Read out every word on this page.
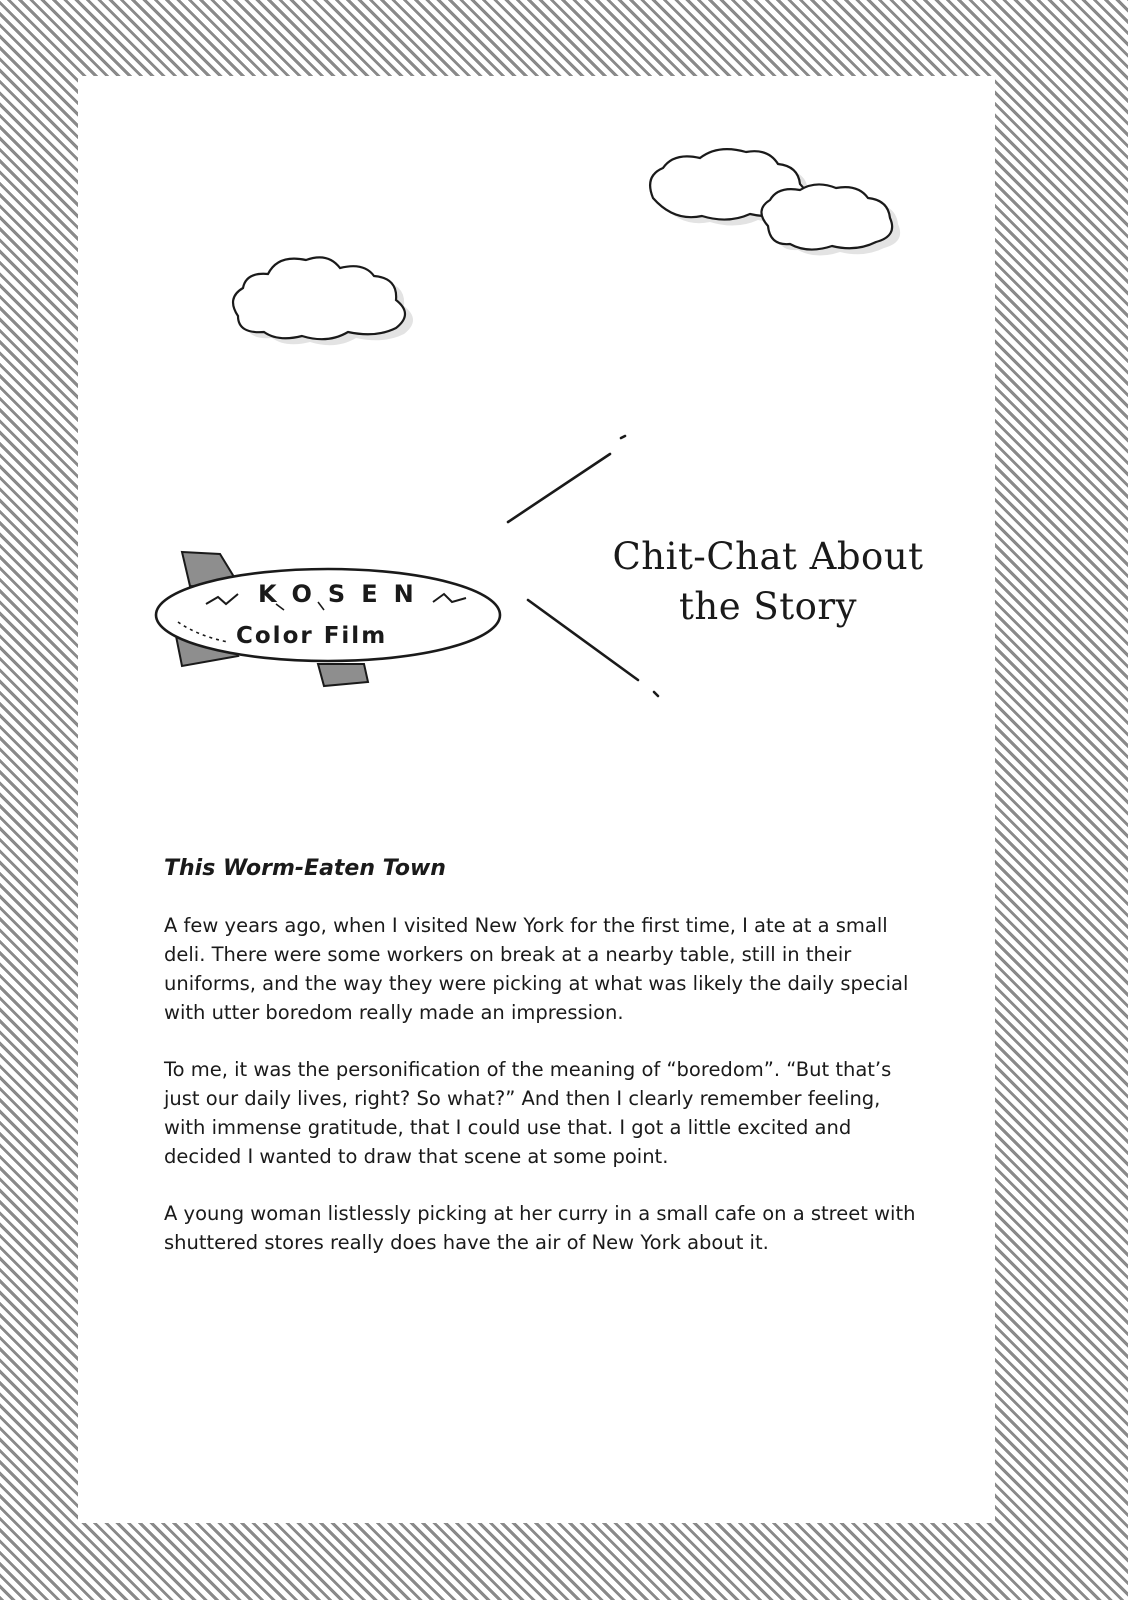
KOSEN
Color Film
Chit-Chat About
the Story
This Worm-Eaten Town

A few years ago, when I visited New York for the first time, I ate at a small deli. There were some workers on break at a nearby table, still in their uniforms, and the way they were picking at what was likely the daily special with utter boredom really made an impression.

To me, it was the personification of the meaning of “boredom”. “But that’s just our daily lives, right? So what?” And then I clearly remember feeling, with immense gratitude, that I could use that. I got a little excited and decided I wanted to draw that scene at some point.

A young woman listlessly picking at her curry in a small cafe on a street with shuttered stores really does have the air of New York about it.
